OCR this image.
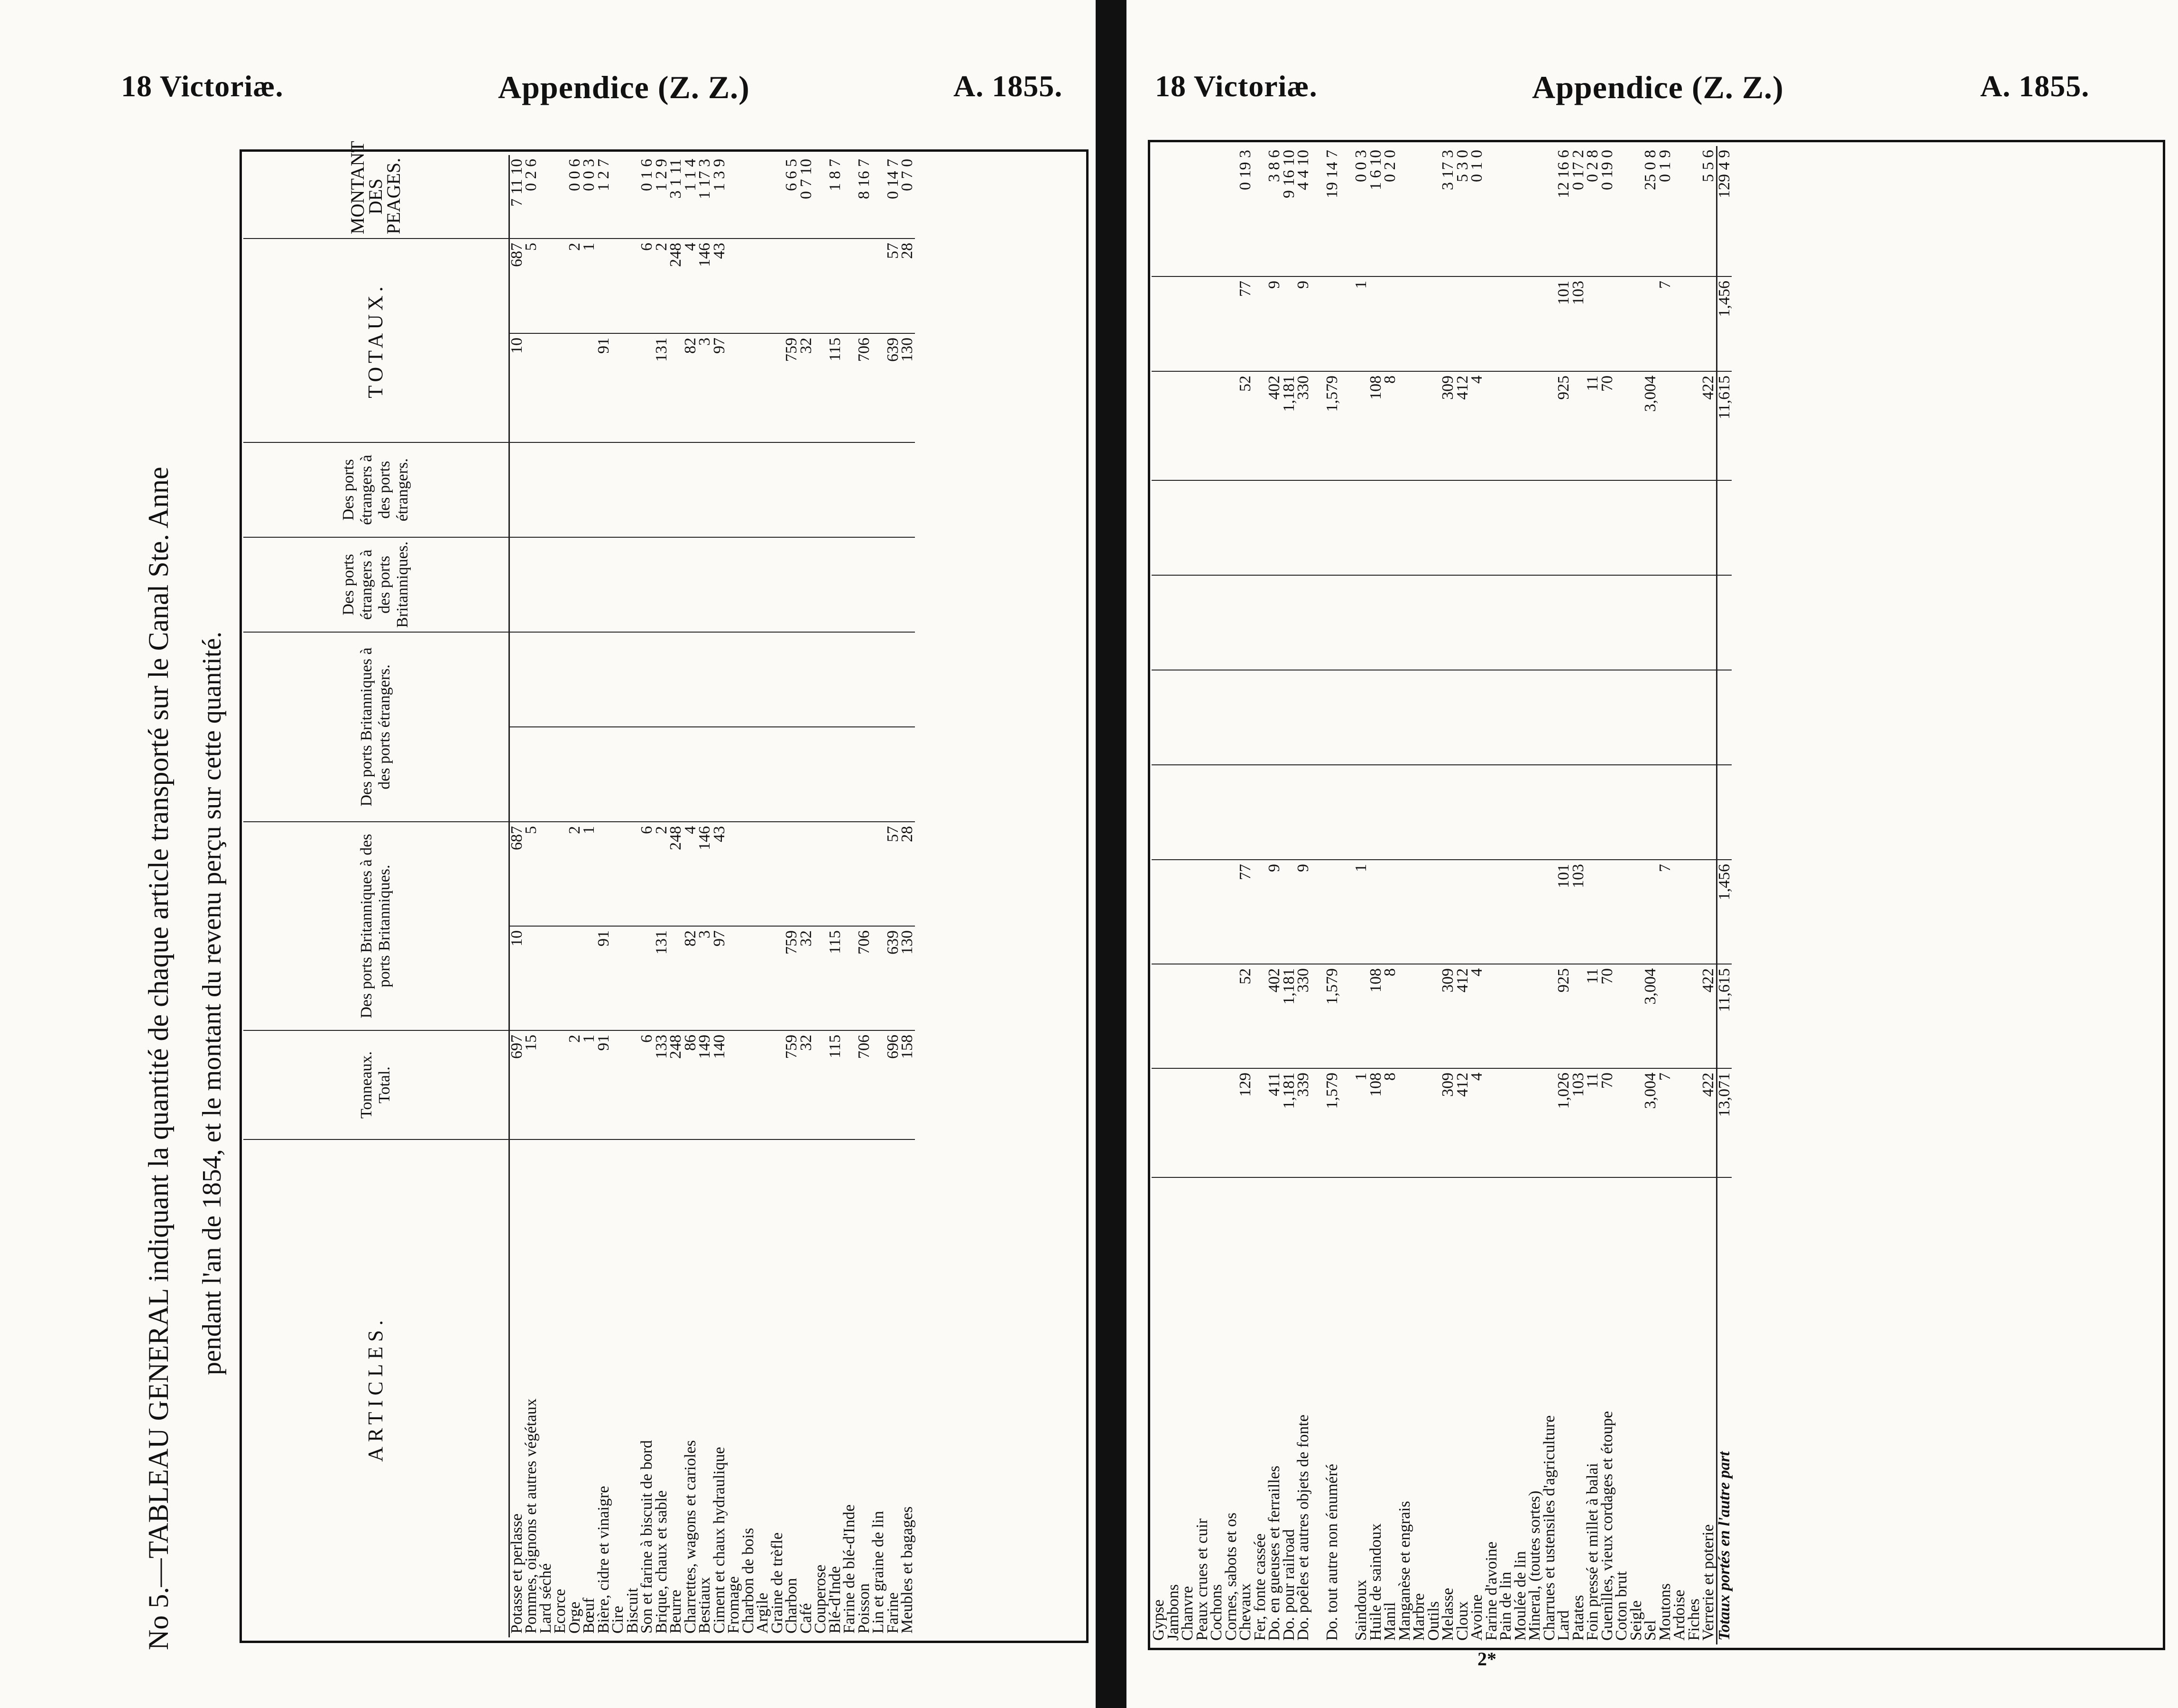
18 Victoriæ.	Appendice (Z. Z.)	A. 1855.
No 5.—TABLEAU GENERAL indiquant la quantité de chaque article transporté sur le Canal Ste. Anne pendant l'an de 1854, et le montant du revenu perçu sur cette quantité.
ARTICLES.	Tonneaux. Total.	Des ports Britanniques à des ports Britanniques.		Des ports Britanniques à des ports étrangers.		Des ports étrangers à des ports Britanniques.	Des ports étrangers à des ports étrangers.	TOTAUX.		MONTANT DES PEAGES.
Potasse et perlasse	697	10	687					10	687	7 11 10
Pommes, oignons et autres végétaux	15		5						5	0 2 6
Lard séché										
Ecorce										
Orge	2		2						2	0 0 6
Bœuf	1		1						1	0 0 3
Bière, cidre et vinaigre	91	91						91		1 2 7
Cire										
Biscuit										
Son et farine à biscuit de bord	6		6						6	0 1 6
Brique, chaux et sable	133	131	2					131	2	1 2 9
Beurre	248		248						248	3 1 11
Charrettes, wagons et carioles	86	82	4					82	4	1 1 4
Bestiaux	149	3	146					3	146	1 17 3
Ciment et chaux hydraulique	140	97	43					97	43	1 3 9
Fromage										
Charbon de bois										
Argile										
Graine de trèfle										
Charbon	759	759						759		6 6 5
Café	32	32						32		0 7 10
Couperose										
Blé-d'Inde	115	115						115		1 8 7
Farine de blé-d'Inde										
Poisson	706	706						706		8 16 7
Lin et graine de lin										
Farine	696	639	57					639	57	0 14 7
Meubles et bagages	158	130	28					130	28	0 7 0
18 Victoriæ.	Appendice (Z. Z.)	A. 1855.
Gypse										
Jambons										
Chanvre										
Peaux crues et cuir										
Cochons										
Cornes, sabots et os										
Chevaux	129	52	77					52	77	0 19 3
Fer, fonte cassée										
Do. en gueuses et ferrailles	411	402	9					402	9	3 8 6
Do. pour railroad	1,181	1,181						1,181		9 16 10
Do. poêles et autres objets de fonte	339	330	9					330	9	4 4 10

Do. tout autre non énuméré	1,579	1,579						1,579		19 14 7

Saindoux	1		1						1	0 0 3
Huile de saindoux	108	108						108		1 6 10
Manil	8	8						8		0 2 0
Manganèse et engrais										
Marbre										
Outils										
Melasse	309	309						309		3 17 3
Cloux	412	412						412		5 3 0
Avoine	4	4						4		0 1 0
Farine d'avoine										
Pain de lin										
Moulée de lin										
Mineral, (toutes sortes)										
Charrues et ustensiles d'agriculture										
Lard	1,026	925	101					925	101	12 16 6
Patates	103		103						103	0 17 2
Foin pressé et millet à balai	11	11						11		0 2 8
Guenilles, vieux cordages et étoupe	70	70						70		0 19 0
Coton brut										
Seigle										
Sel	3,004	3,004						3,004		25 0 8
Moutons	7		7						7	0 1 9
Ardoise										
Fiches										
Verrerie et poterie	422	422						422		5 5 6
Totaux portés en l'autre part	13,071	11,615	1,456					11,615	1,456	129 4 9
2*
